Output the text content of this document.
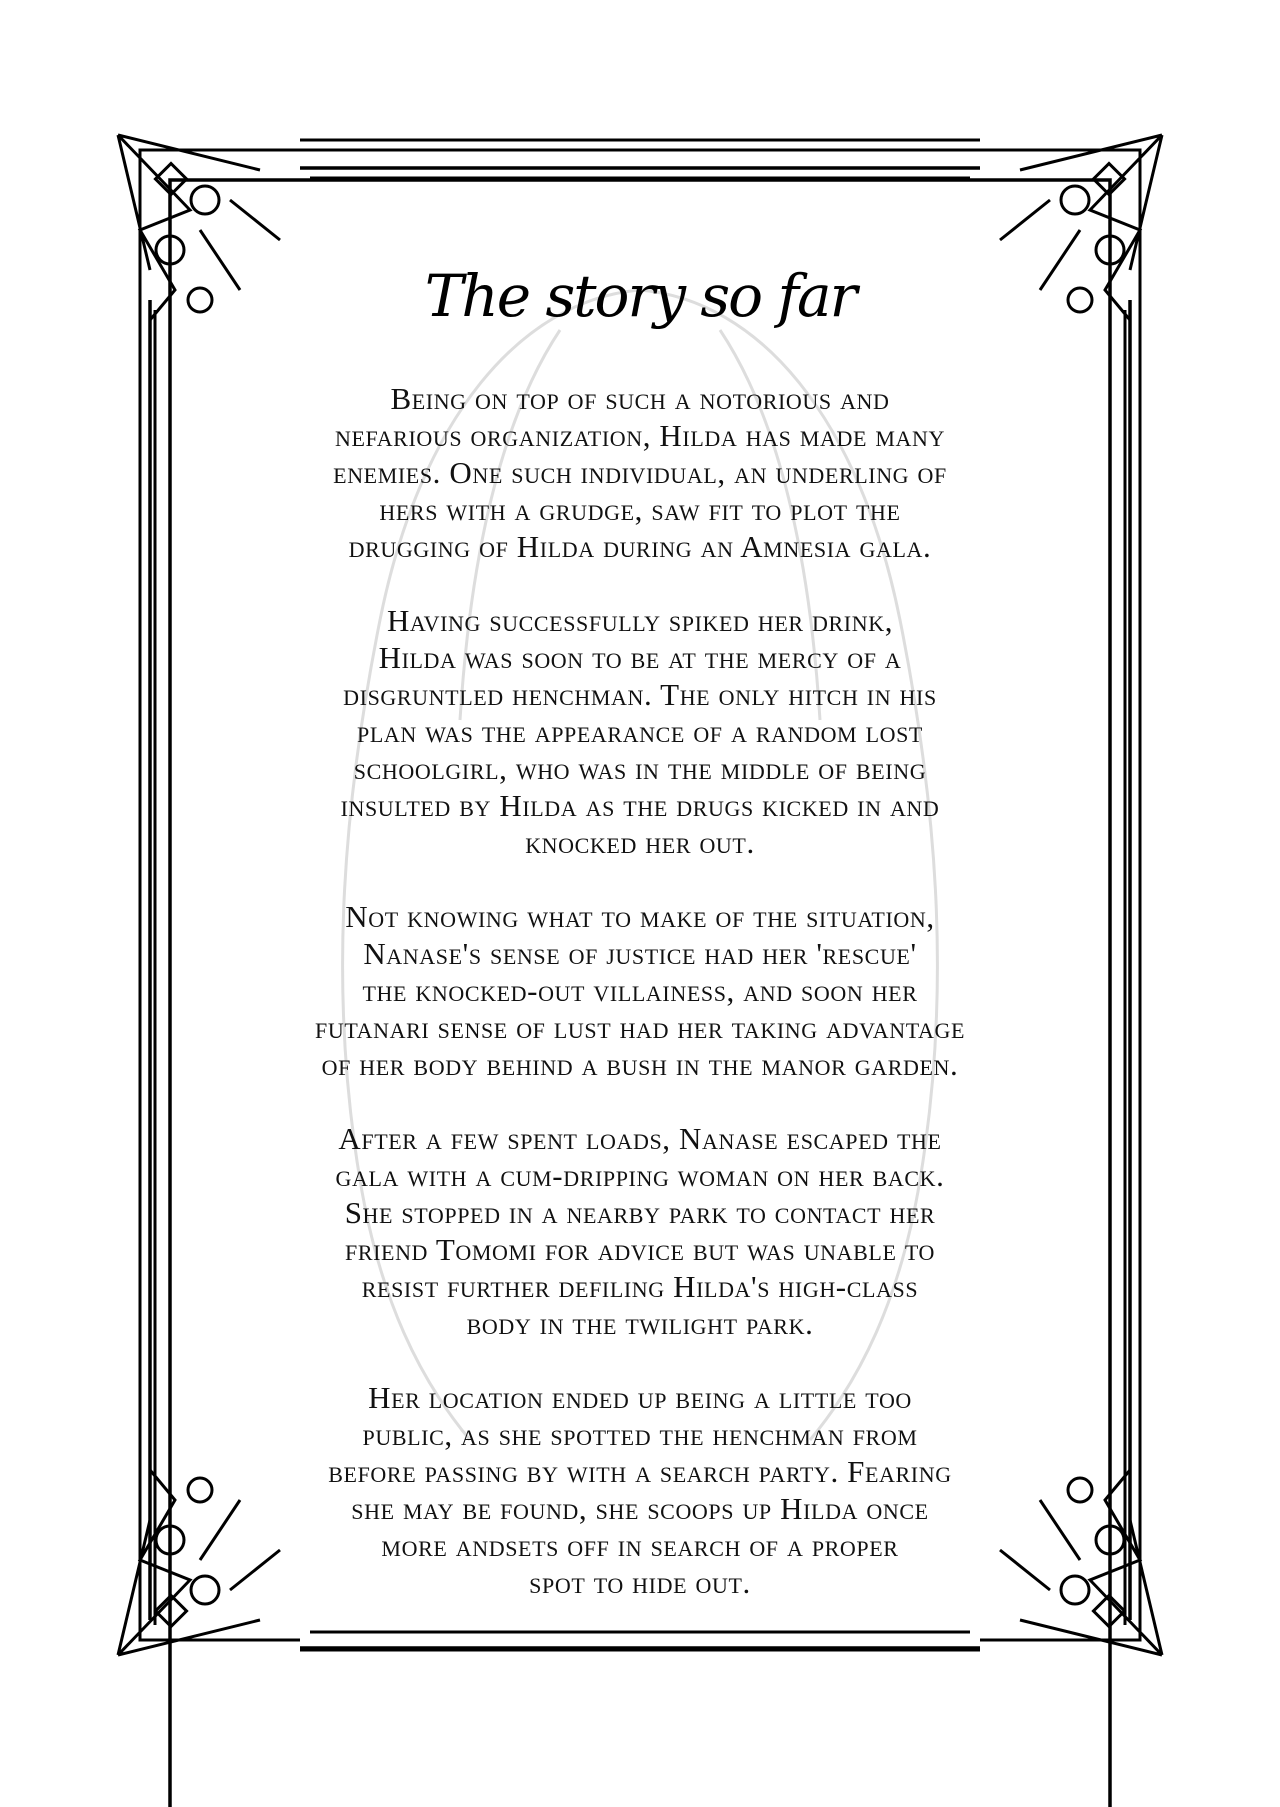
The story so far
Being on top of such a notorious and
nefarious organization, Hilda has made many
enemies. One such individual, an underling of
hers with a grudge, saw fit to plot the
drugging of Hilda during an Amnesia gala.
Having successfully spiked her drink,
Hilda was soon to be at the mercy of a
disgruntled henchman. The only hitch in his
plan was the appearance of a random lost
schoolgirl, who was in the middle of being
insulted by Hilda as the drugs kicked in and
knocked her out.
Not knowing what to make of the situation,
Nanase's sense of justice had her 'rescue'
the knocked-out villainess, and soon her
futanari sense of lust had her taking advantage
of her body behind a bush in the manor garden.
After a few spent loads, Nanase escaped the
gala with a cum-dripping woman on her back.
She stopped in a nearby park to contact her
friend Tomomi for advice but was unable to
resist further defiling Hilda's high-class
body in the twilight park.
Her location ended up being a little too
public, as she spotted the henchman from
before passing by with a search party. Fearing
she may be found, she scoops up Hilda once
more andsets off in search of a proper
spot to hide out.
